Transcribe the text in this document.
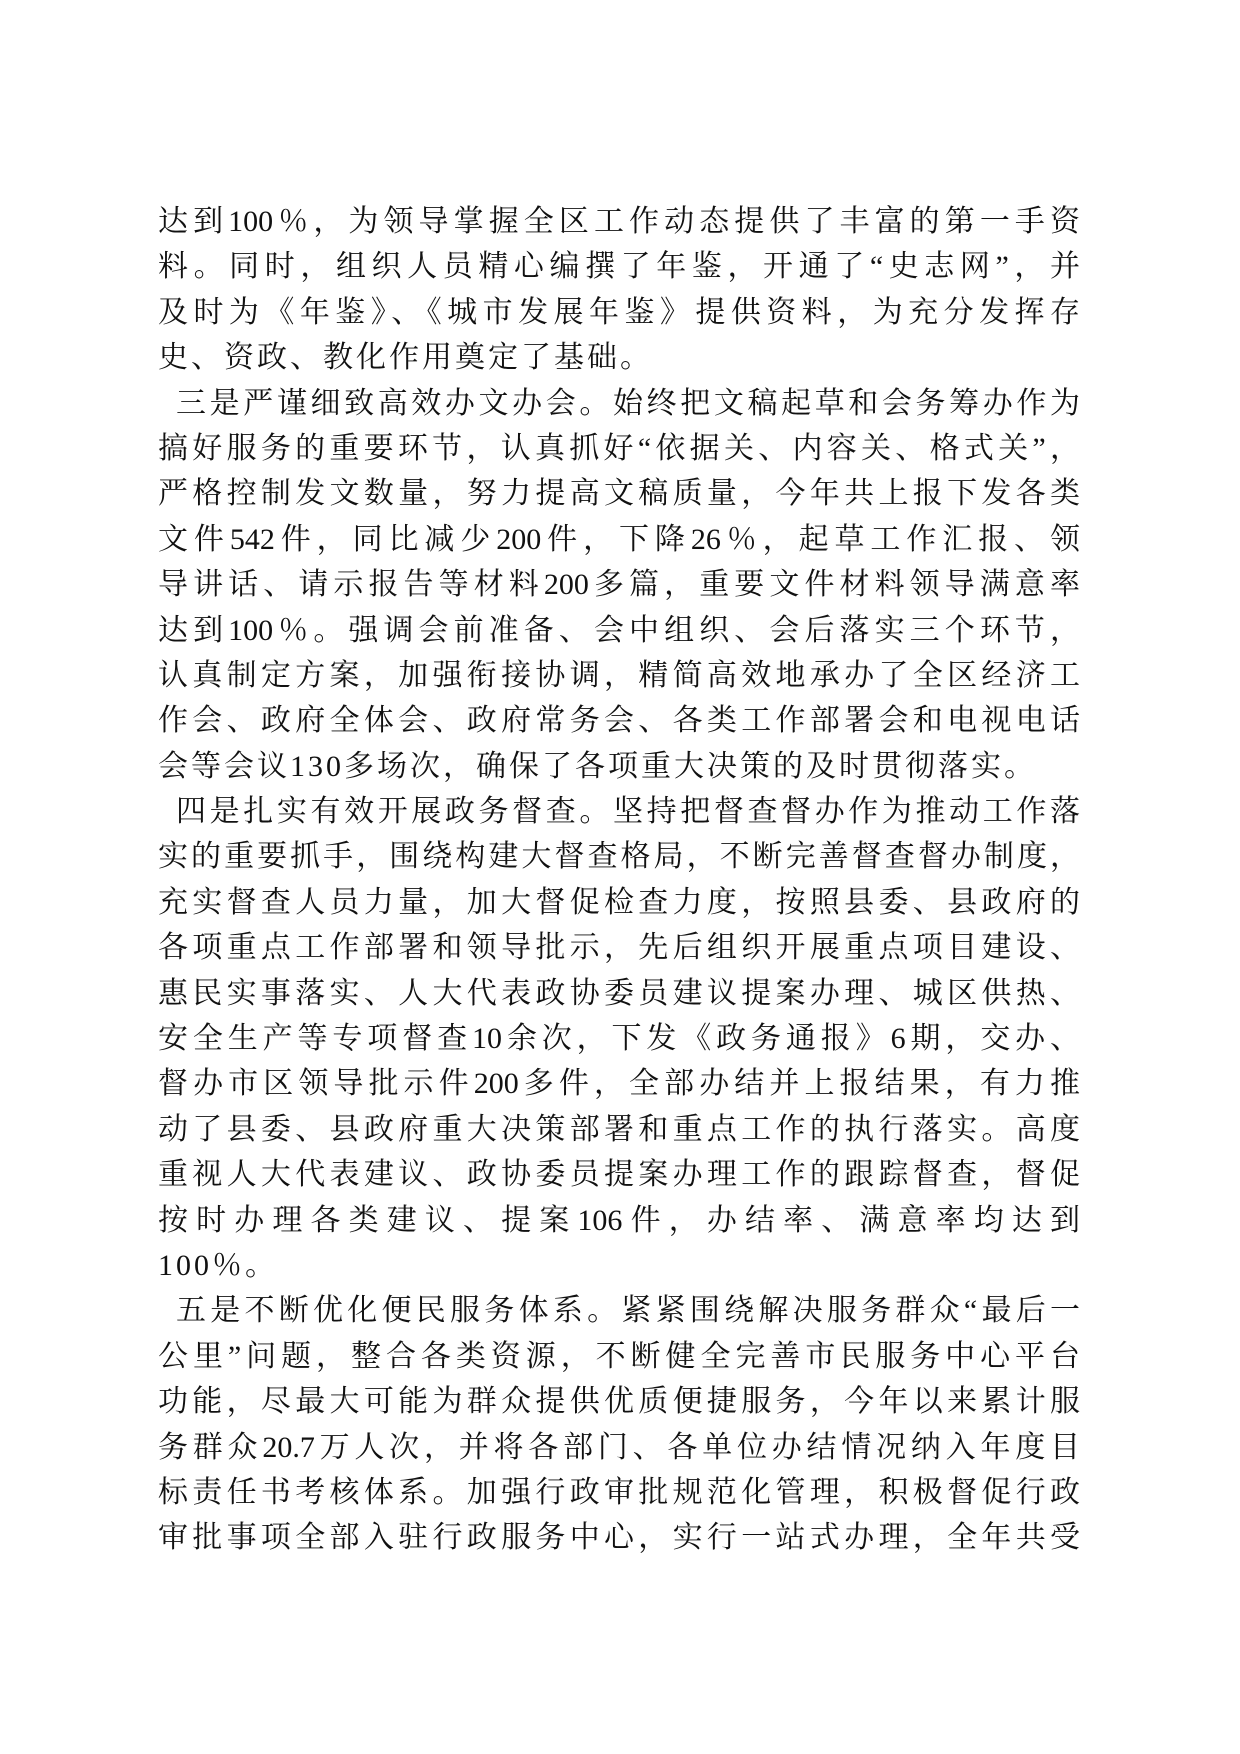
达到100％，为领导掌握全区工作动态提供了丰富的第一手资
料。同时，组织人员精心编撰了年鉴，开通了“史志网”，并
及时为《年鉴》、《城市发展年鉴》提供资料，为充分发挥存
史、资政、教化作用奠定了基础。
三是严谨细致高效办文办会。始终把文稿起草和会务筹办作为
搞好服务的重要环节，认真抓好“依据关、内容关、格式关”，
严格控制发文数量，努力提高文稿质量，今年共上报下发各类
文件542件，同比减少200件，下降26％，起草工作汇报、领
导讲话、请示报告等材料200多篇，重要文件材料领导满意率
达到100％。强调会前准备、会中组织、会后落实三个环节，
认真制定方案，加强衔接协调，精简高效地承办了全区经济工
作会、政府全体会、政府常务会、各类工作部署会和电视电话
会等会议130多场次，确保了各项重大决策的及时贯彻落实。
四是扎实有效开展政务督查。坚持把督查督办作为推动工作落
实的重要抓手，围绕构建大督查格局，不断完善督查督办制度，
充实督查人员力量，加大督促检查力度，按照县委、县政府的
各项重点工作部署和领导批示，先后组织开展重点项目建设、
惠民实事落实、人大代表政协委员建议提案办理、城区供热、
安全生产等专项督查10余次，下发《政务通报》6期，交办、
督办市区领导批示件200多件，全部办结并上报结果，有力推
动了县委、县政府重大决策部署和重点工作的执行落实。高度
重视人大代表建议、政协委员提案办理工作的跟踪督查，督促
按时办理各类建议、提案106件，办结率、满意率均达到
100％。
五是不断优化便民服务体系。紧紧围绕解决服务群众“最后一
公里”问题，整合各类资源，不断健全完善市民服务中心平台
功能，尽最大可能为群众提供优质便捷服务，今年以来累计服
务群众20.7万人次，并将各部门、各单位办结情况纳入年度目
标责任书考核体系。加强行政审批规范化管理，积极督促行政
审批事项全部入驻行政服务中心，实行一站式办理，全年共受
